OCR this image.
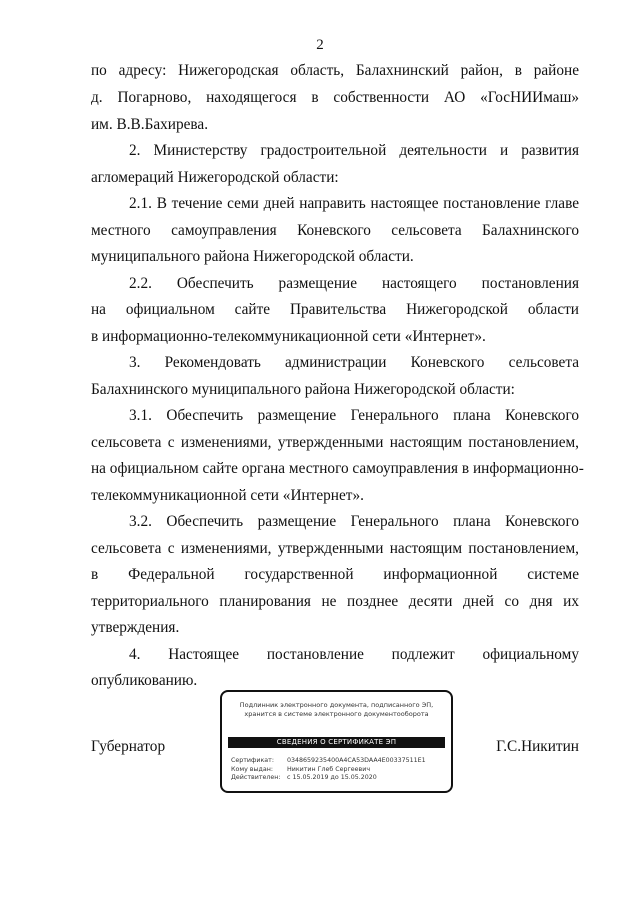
2
по адресу: Нижегородская область, Балахнинский район, в районе
д. Погарново, находящегося в собственности АО «ГосНИИмаш»
им. В.В.Бахирева.
2. Министерству градостроительной деятельности и развития
агломераций Нижегородской области:
2.1. В течение семи дней направить настоящее постановление главе
местного самоуправления Коневского сельсовета Балахнинского
муниципального района Нижегородской области.
2.2. Обеспечить размещение настоящего постановления
на официальном сайте Правительства Нижегородской области
в информационно-телекоммуникационной сети «Интернет».
3. Рекомендовать администрации Коневского сельсовета
Балахнинского муниципального района Нижегородской области:
3.1. Обеспечить размещение Генерального плана Коневского
сельсовета с изменениями, утвержденными настоящим постановлением,
на официальном сайте органа местного самоуправления в информационно-
телекоммуникационной сети «Интернет».
3.2. Обеспечить размещение Генерального плана Коневского
сельсовета с изменениями, утвержденными настоящим постановлением,
в Федеральной государственной информационной системе
территориального планирования не позднее десяти дней со дня их
утверждения.
4. Настоящее постановление подлежит официальному
опубликованию.
Губернатор	Г.С.Никитин
Подлинник электронного документа, подписанного ЭП,
хранится в системе электронного документооборота
СВЕДЕНИЯ О СЕРТИФИКАТЕ ЭП
Сертификат: 0348659235400A4CA53DAA4E00337511E1
Кому выдан: Никитин Глеб Сергеевич
Действителен: с 15.05.2019 до 15.05.2020
